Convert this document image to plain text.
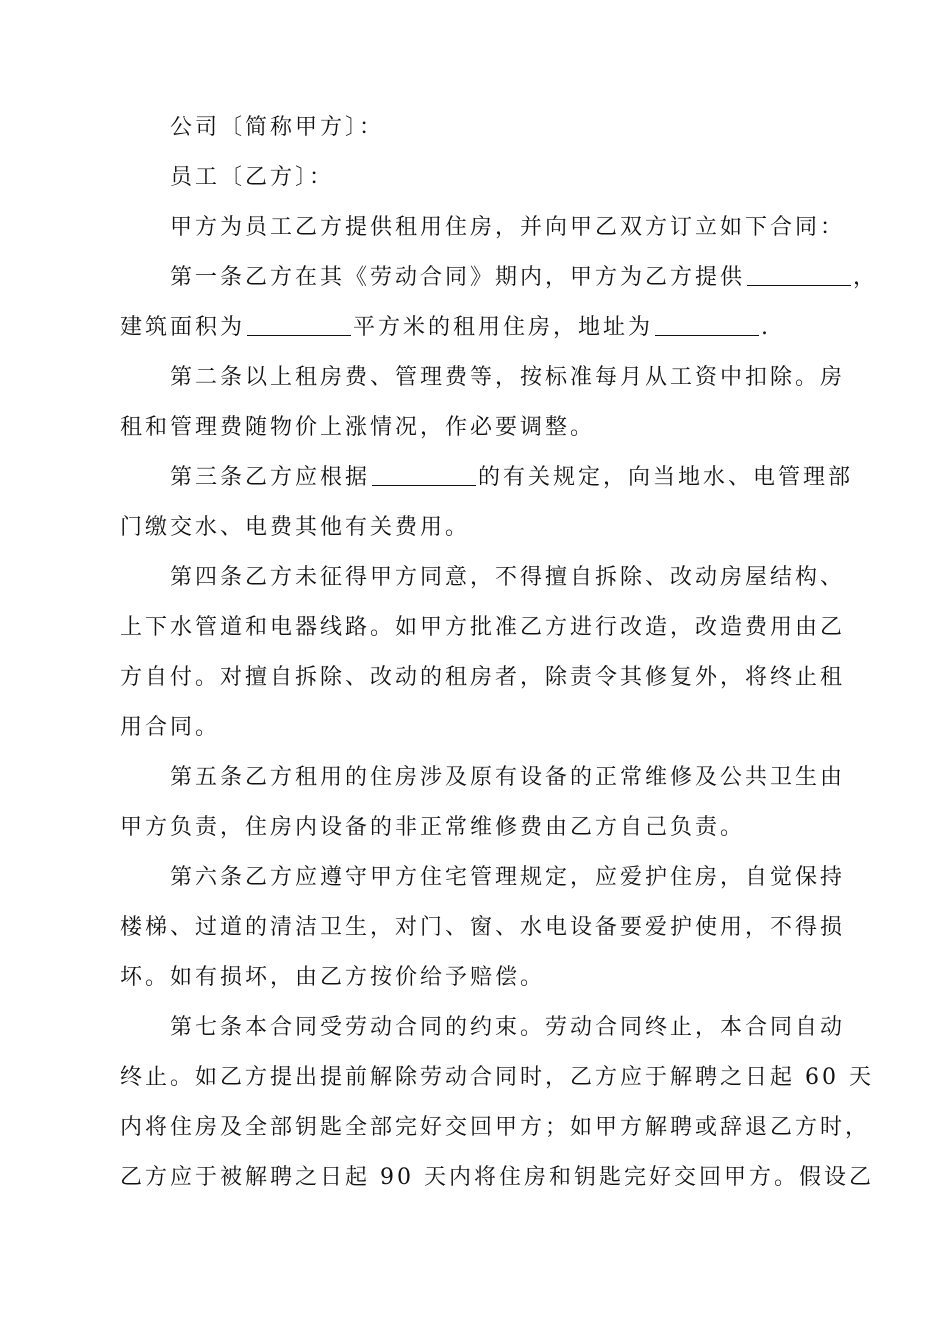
公司〔简称甲方〕：
员工〔乙方〕：
甲方为员工乙方提供租用住房，并向甲乙双方订立如下合同：
第一条乙方在其《劳动合同》期内，甲方为乙方提供	，
建筑面积为	平方米的租用住房，地址为	.
第二条以上租房费、管理费等，按标准每月从工资中扣除。房
租和管理费随物价上涨情况，作必要调整。
第三条乙方应根据	的有关规定，向当地水、电管理部
门缴交水、电费其他有关费用。
第四条乙方未征得甲方同意，不得擅自拆除、改动房屋结构、
上下水管道和电器线路。如甲方批准乙方进行改造，改造费用由乙
方自付。对擅自拆除、改动的租房者，除责令其修复外，将终止租
用合同。
第五条乙方租用的住房涉及原有设备的正常维修及公共卫生由
甲方负责，住房内设备的非正常维修费由乙方自己负责。
第六条乙方应遵守甲方住宅管理规定，应爱护住房，自觉保持
楼梯、过道的清洁卫生，对门、窗、水电设备要爱护使用，不得损
坏。如有损坏，由乙方按价给予赔偿。
第七条本合同受劳动合同的约束。劳动合同终止，本合同自动
终止。如乙方提出提前解除劳动合同时，乙方应于解聘之日起 60 天
内将住房及全部钥匙全部完好交回甲方；如甲方解聘或辞退乙方时，
乙方应于被解聘之日起 90 天内将住房和钥匙完好交回甲方。假设乙
